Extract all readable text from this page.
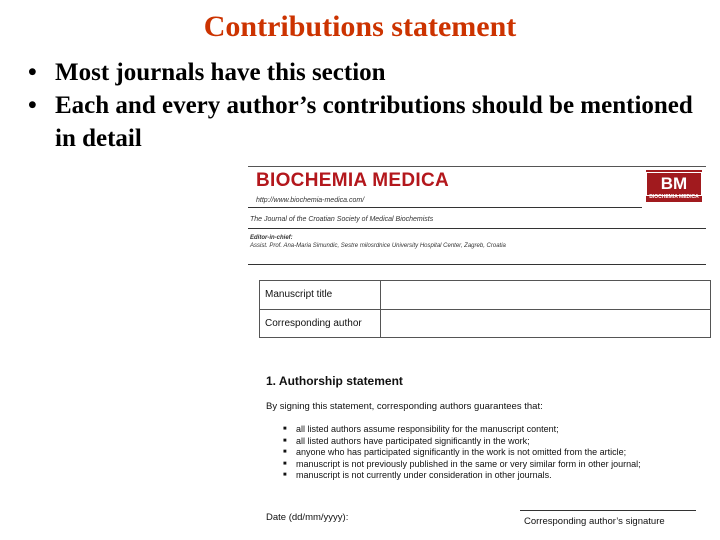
Contributions statement
• Most journals have this section
• Each and every author’s contributions should be mentioned in detail
BIOCHEMIA MEDICA	BM
BIOCHEMIA MEDICA
http://www.biochemia-medica.com/
The Journal of the Croatian Society of Medical Biochemists
Editor-in-chief:
Assist. Prof. Ana-Maria Simundic, Sestre milosrdnice University Hospital Center, Zagreb, Croatia
Manuscript title
Corresponding author
1. Authorship statement
By signing this statement, corresponding authors guarantees that:
■ all listed authors assume responsibility for the manuscript content;
■ all listed authors have participated significantly in the work;
■ anyone who has participated significantly in the work is not omitted from the article;
■ manuscript is not previously published in the same or very similar form in other journal;
■ manuscript is not currently under consideration in other journals.
Date (dd/mm/yyyy):	Corresponding author’s signature
